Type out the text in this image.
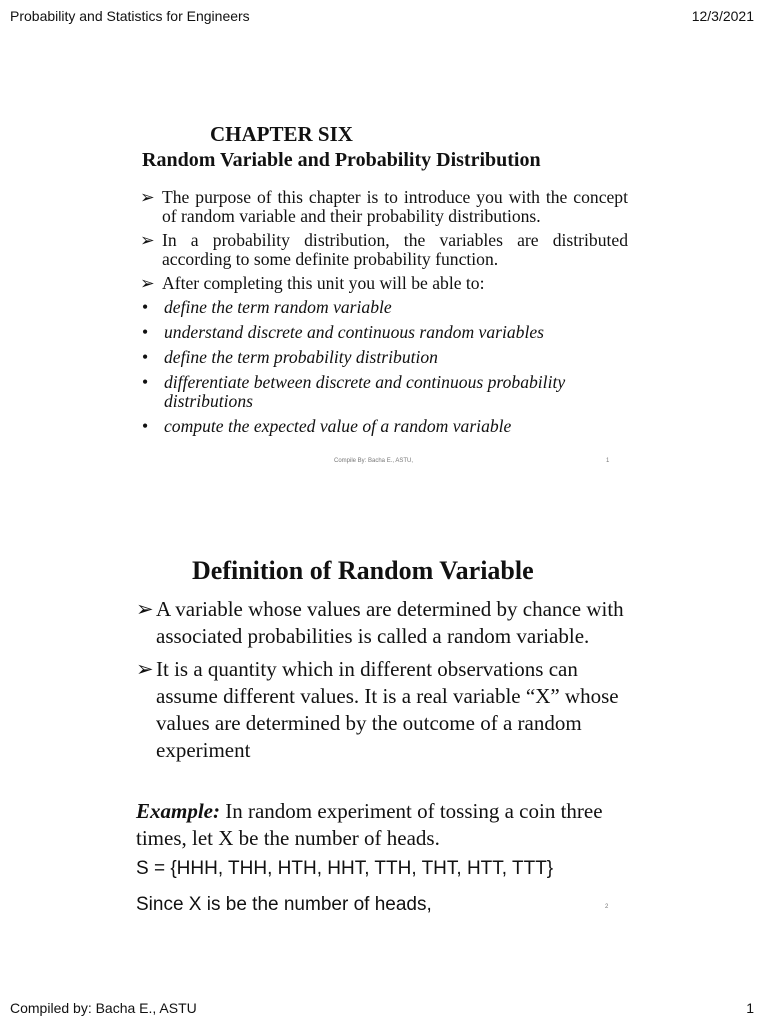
Probability and Statistics for Engineers	12/3/2021
CHAPTER SIX
Random Variable and Probability Distribution
➢ The purpose of this chapter is to introduce you with the concept of random variable and their probability distributions.
➢ In a probability distribution, the variables are distributed according to some definite probability function.
➢ After completing this unit you will be able to:
• define the term random variable
• understand discrete and continuous random variables
• define the term probability distribution
• differentiate between discrete and continuous probability distributions
• compute the expected value of a random variable
Compile By: Bacha E., ASTU,	1
Definition of Random Variable
➢ A variable whose values are determined by chance with associated probabilities is called a random variable.
➢ It is a quantity which in different observations can assume different values. It is a real variable “X” whose values are determined by the outcome of a random experiment
Example: In random experiment of tossing a coin three times, let X be the number of heads.
S = {HHH, THH, HTH, HHT, TTH, THT, HTT, TTT}
Since X is be the number of heads,	2
Compiled by: Bacha E., ASTU	1
